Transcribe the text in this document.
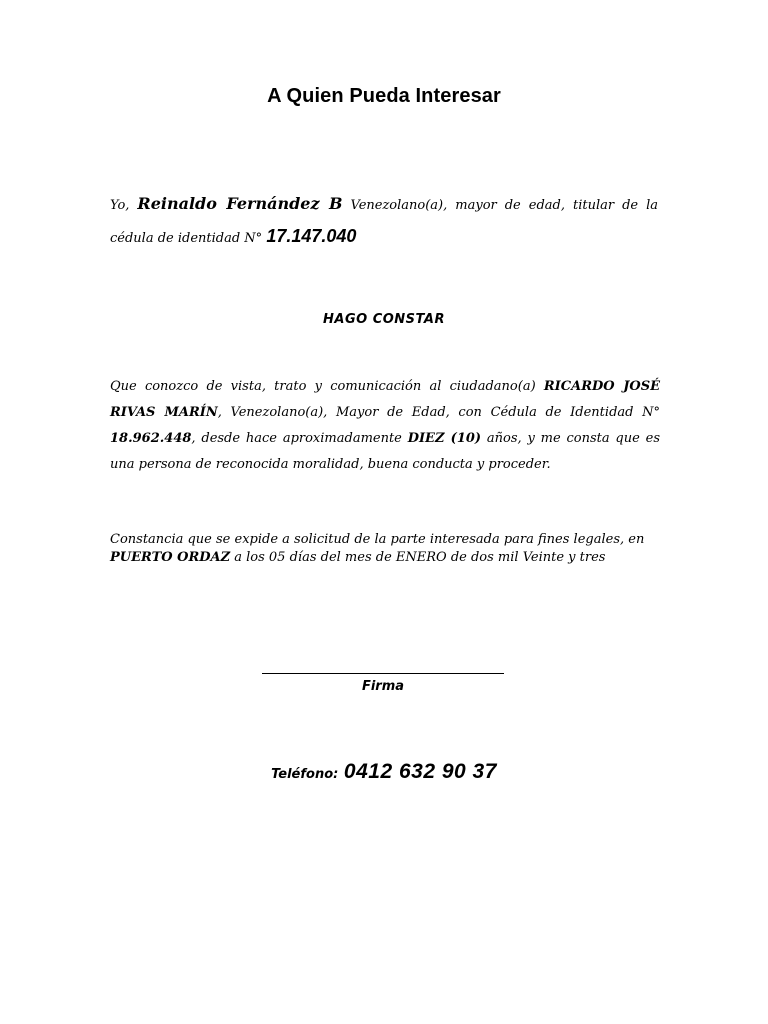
A Quien Pueda Interesar

Yo, Reinaldo Fernández B Venezolano(a), mayor de edad, titular de la cédula de identidad N° 17.147.040

HAGO CONSTAR

Que conozco de vista, trato y comunicación al ciudadano(a) RICARDO JOSÉ RIVAS MARÍN, Venezolano(a), Mayor de Edad, con Cédula de Identidad N° 18.962.448, desde hace aproximadamente DIEZ (10) años, y me consta que es una persona de reconocida moralidad, buena conducta y proceder.

Constancia que se expide a solicitud de la parte interesada para fines legales, en PUERTO ORDAZ a los 05 días del mes de ENERO de dos mil Veinte y tres

Firma
Teléfono: 0412 632 90 37
